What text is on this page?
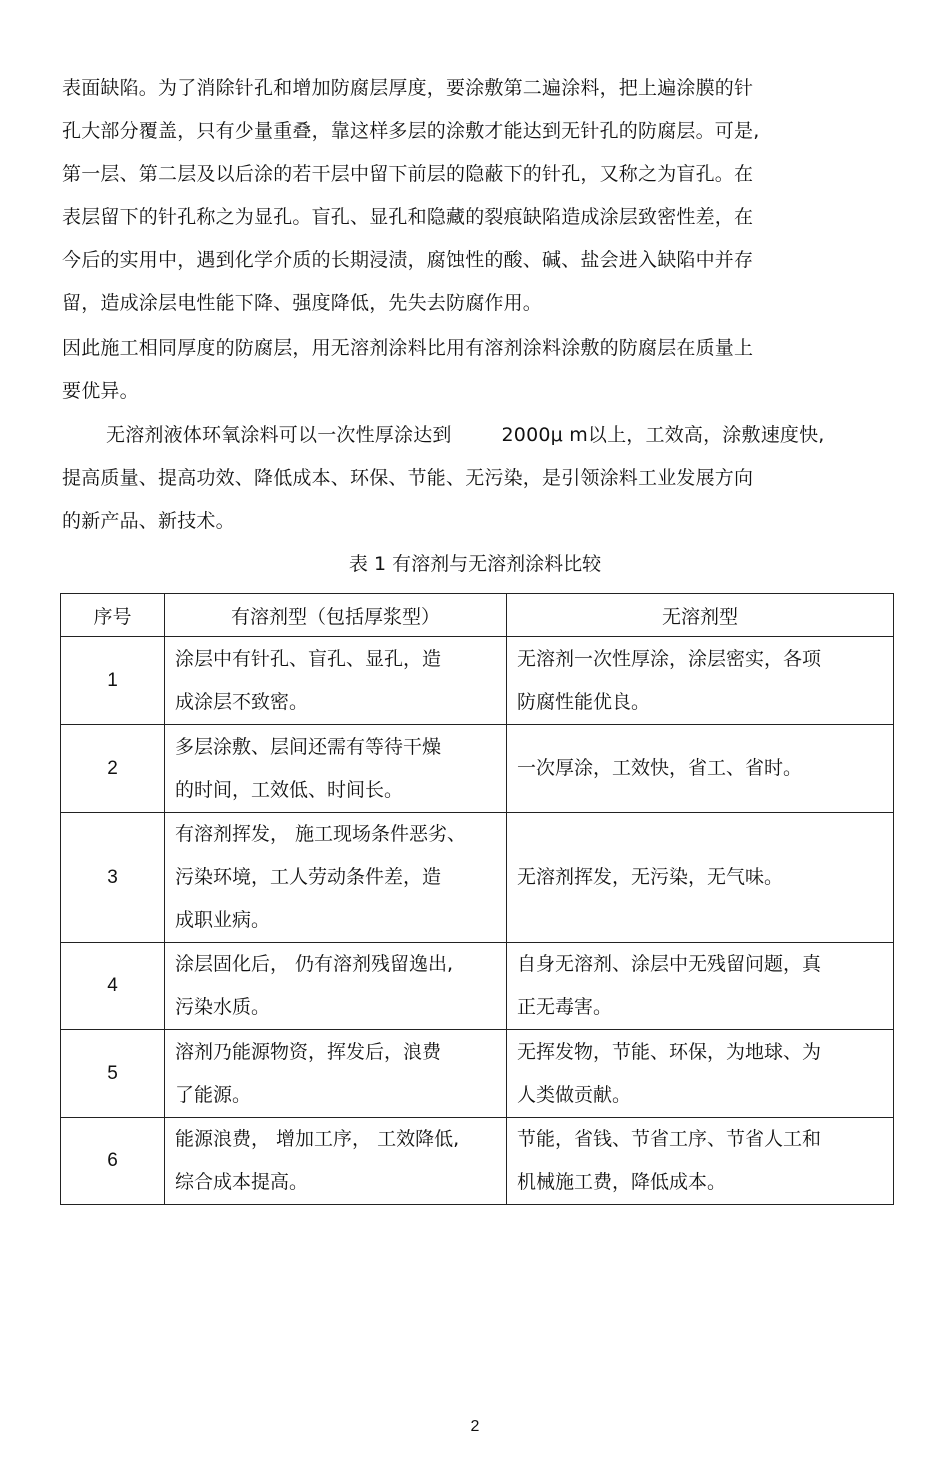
表面缺陷。为了消除针孔和增加防腐层厚度，要涂敷第二遍涂料，把上遍涂膜的针
孔大部分覆盖，只有少量重叠，靠这样多层的涂敷才能达到无针孔的防腐层。可是,
第一层、第二层及以后涂的若干层中留下前层的隐蔽下的针孔，又称之为盲孔。在
表层留下的针孔称之为显孔。盲孔、显孔和隐藏的裂痕缺陷造成涂层致密性差，在
今后的实用中，遇到化学介质的长期浸渍，腐蚀性的酸、碱、盐会进入缺陷中并存
留，造成涂层电性能下降、强度降低，先失去防腐作用。
因此施工相同厚度的防腐层，用无溶剂涂料比用有溶剂涂料涂敷的防腐层在质量上
要优异。
无溶剂液体环氧涂料可以一次性厚涂达到        2000μ m以上，工效高，涂敷速度快,
提高质量、提高功效、降低成本、环保、节能、无污染，是引领涂料工业发展方向
的新产品、新技术。
表 1 有溶剂与无溶剂涂料比较
序号	有溶剂型（包括厚浆型）	无溶剂型
1	涂层中有针孔、盲孔、显孔，造
成涂层不致密。	无溶剂一次性厚涂，涂层密实，各项
防腐性能优良。

2	多层涂敷、层间还需有等待干燥
的时间，工效低、时间长。	一次厚涂，工效快，省工、省时。

3	有溶剂挥发， 施工现场条件恶劣、
污染环境，工人劳动条件差，造
成职业病。	无溶剂挥发，无污染，无气味。

4	涂层固化后， 仍有溶剂残留逸出,
污染水质。	自身无溶剂、涂层中无残留问题，真
正无毒害。

5	溶剂乃能源物资，挥发后，浪费
了能源。	无挥发物，节能、环保，为地球、为
人类做贡献。

6	能源浪费， 增加工序， 工效降低,
综合成本提高。	节能，省钱、节省工序、节省人工和
机械施工费，降低成本。
2
